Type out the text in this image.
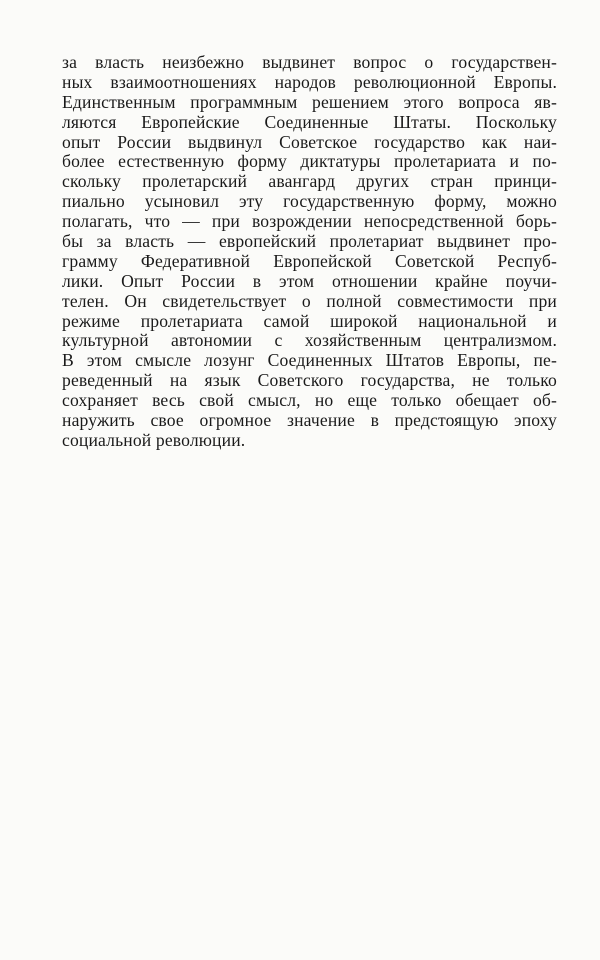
за власть неизбежно выдвинет вопрос о государствен-
ных взаимоотношениях народов революционной Европы.
Единственным программным решением этого вопроса яв-
ляются Европейские Соединенные Штаты. Поскольку
опыт России выдвинул Советское государство как наи-
более естественную форму диктатуры пролетариата и по-
скольку пролетарский авангард других стран принци-
пиально усыновил эту государственную форму, можно
полагать, что — при возрождении непосредственной борь-
бы за власть — европейский пролетариат выдвинет про-
грамму Федеративной Европейской Советской Респуб-
лики. Опыт России в этом отношении крайне поучи-
телен. Он свидетельствует о полной совместимости при
режиме пролетариата самой широкой национальной и
культурной автономии с хозяйственным централизмом.
В этом смысле лозунг Соединенных Штатов Европы, пе-
реведенный на язык Советского государства, не только
сохраняет весь свой смысл, но еще только обещает об-
наружить свое огромное значение в предстоящую эпоху
социальной революции.
